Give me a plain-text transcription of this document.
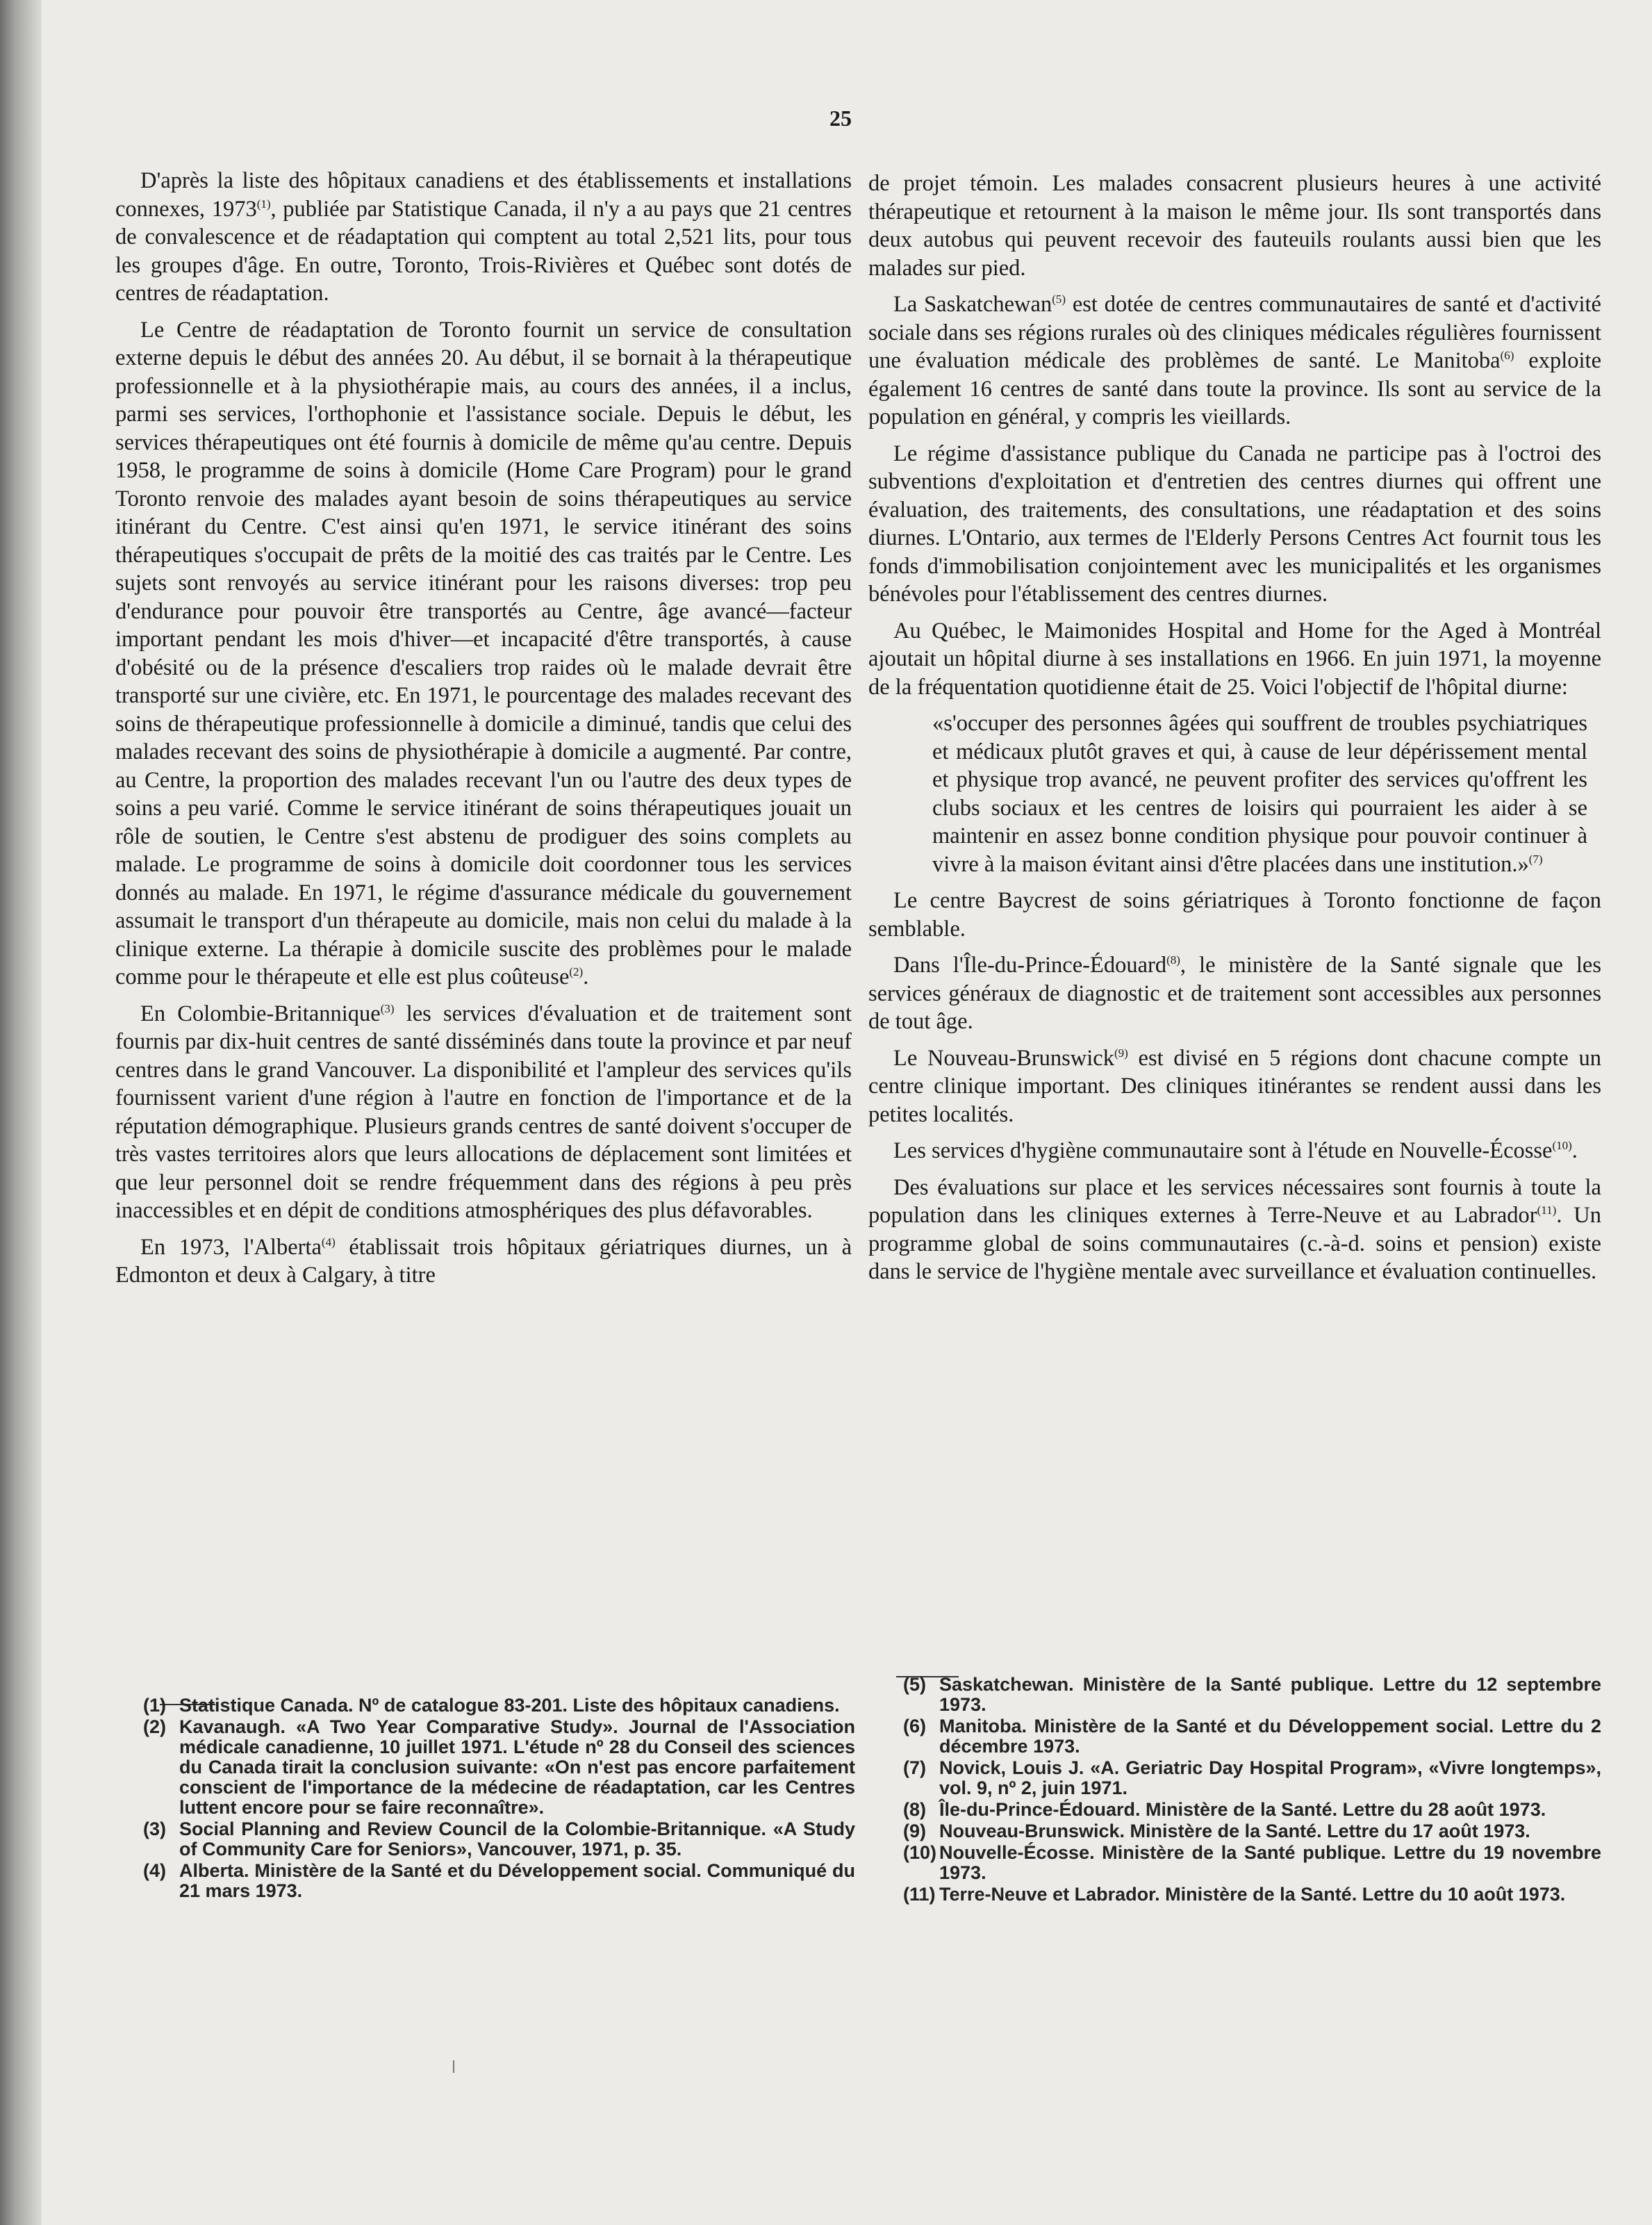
25

D'après la liste des hôpitaux canadiens et des établissements et installations connexes, 1973$^{(1)}$, publiée par Statistique Canada, il n'y a au pays que 21 centres de convalescence et de réadaptation qui comptent au total 2,521 lits, pour tous les groupes d'âge. En outre, Toronto, Trois-Rivières et Québec sont dotés de centres de réadaptation.

Le Centre de réadaptation de Toronto fournit un service de consultation externe depuis le début des années 20. Au début, il se bornait à la thérapeutique professionnelle et à la physiothérapie mais, au cours des années, il a inclus, parmi ses services, l'orthophonie et l'assistance sociale. Depuis le début, les services thérapeutiques ont été fournis à domicile de même qu'au centre. Depuis 1958, le programme de soins à domicile (Home Care Program) pour le grand Toronto renvoie des malades ayant besoin de soins thérapeutiques au service itinérant du Centre. C'est ainsi qu'en 1971, le service itinérant des soins thérapeutiques s'occupait de prêts de la moitié des cas traités par le Centre. Les sujets sont renvoyés au service itinérant pour les raisons diverses: trop peu d'endurance pour pouvoir être transportés au Centre, âge avancé—facteur important pendant les mois d'hiver—et incapacité d'être transportés, à cause d'obésité ou de la présence d'escaliers trop raides où le malade devrait être transporté sur une civière, etc. En 1971, le pourcentage des malades recevant des soins de thérapeutique professionnelle à domicile a diminué, tandis que celui des malades recevant des soins de physiothérapie à domicile a augmenté. Par contre, au Centre, la proportion des malades recevant l'un ou l'autre des deux types de soins a peu varié. Comme le service itinérant de soins thérapeutiques jouait un rôle de soutien, le Centre s'est abstenu de prodiguer des soins complets au malade. Le programme de soins à domicile doit coordonner tous les services donnés au malade. En 1971, le régime d'assurance médicale du gouvernement assumait le transport d'un thérapeute au domicile, mais non celui du malade à la clinique externe. La thérapie à domicile suscite des problèmes pour le malade comme pour le thérapeute et elle est plus coûteuse$^{(2)}$.

En Colombie-Britannique$^{(3)}$ les services d'évaluation et de traitement sont fournis par dix-huit centres de santé disséminés dans toute la province et par neuf centres dans le grand Vancouver. La disponibilité et l'ampleur des services qu'ils fournissent varient d'une région à l'autre en fonction de l'importance et de la réputation démographique. Plusieurs grands centres de santé doivent s'occuper de très vastes territoires alors que leurs allocations de déplacement sont limitées et que leur personnel doit se rendre fréquemment dans des régions à peu près inaccessibles et en dépit de conditions atmosphériques des plus défavorables.

En 1973, l'Alberta$^{(4)}$ établissait trois hôpitaux gériatriques diurnes, un à Edmonton et deux à Calgary, à titre

de projet témoin. Les malades consacrent plusieurs heures à une activité thérapeutique et retournent à la maison le même jour. Ils sont transportés dans deux autobus qui peuvent recevoir des fauteuils roulants aussi bien que les malades sur pied.

La Saskatchewan$^{(5)}$ est dotée de centres communautaires de santé et d'activité sociale dans ses régions rurales où des cliniques médicales régulières fournissent une évaluation médicale des problèmes de santé. Le Manitoba$^{(6)}$ exploite également 16 centres de santé dans toute la province. Ils sont au service de la population en général, y compris les vieillards.

Le régime d'assistance publique du Canada ne participe pas à l'octroi des subventions d'exploitation et d'entretien des centres diurnes qui offrent une évaluation, des traitements, des consultations, une réadaptation et des soins diurnes. L'Ontario, aux termes de l'Elderly Persons Centres Act fournit tous les fonds d'immobilisation conjointement avec les municipalités et les organismes bénévoles pour l'établissement des centres diurnes.

Au Québec, le Maimonides Hospital and Home for the Aged à Montréal ajoutait un hôpital diurne à ses installations en 1966. En juin 1971, la moyenne de la fréquentation quotidienne était de 25. Voici l'objectif de l'hôpital diurne:

«s'occuper des personnes âgées qui souffrent de troubles psychiatriques et médicaux plutôt graves et qui, à cause de leur dépérissement mental et physique trop avancé, ne peuvent profiter des services qu'offrent les clubs sociaux et les centres de loisirs qui pourraient les aider à se maintenir en assez bonne condition physique pour pouvoir continuer à vivre à la maison évitant ainsi d'être placées dans une institution.»$^{(7)}$

Le centre Baycrest de soins gériatriques à Toronto fonctionne de façon semblable.

Dans l'Île-du-Prince-Édouard$^{(8)}$, le ministère de la Santé signale que les services généraux de diagnostic et de traitement sont accessibles aux personnes de tout âge.

Le Nouveau-Brunswick$^{(9)}$ est divisé en 5 régions dont chacune compte un centre clinique important. Des cliniques itinérantes se rendent aussi dans les petites localités.

Les services d'hygiène communautaire sont à l'étude en Nouvelle-Écosse$^{(10)}$.

Des évaluations sur place et les services nécessaires sont fournis à toute la population dans les cliniques externes à Terre-Neuve et au Labrador$^{(11)}$. Un programme global de soins communautaires (c.-à-d. soins et pension) existe dans le service de l'hygiène mentale avec surveillance et évaluation continuelles.

(1) Statistique Canada. Nº de catalogue 83-201. Liste des hôpitaux canadiens.
(2) Kavanaugh. «A Two Year Comparative Study». Journal de l'Association médicale canadienne, 10 juillet 1971. L'étude nº 28 du Conseil des sciences du Canada tirait la conclusion suivante: «On n'est pas encore parfaitement conscient de l'importance de la médecine de réadaptation, car les Centres luttent encore pour se faire reconnaître».
(3) Social Planning and Review Council de la Colombie-Britannique. «A Study of Community Care for Seniors», Vancouver, 1971, p. 35.
(4) Alberta. Ministère de la Santé et du Développement social. Communiqué du 21 mars 1973.
(5) Saskatchewan. Ministère de la Santé publique. Lettre du 12 septembre 1973.
(6) Manitoba. Ministère de la Santé et du Développement social. Lettre du 2 décembre 1973.
(7) Novick, Louis J. «A. Geriatric Day Hospital Program», «Vivre longtemps», vol. 9, nº 2, juin 1971.
(8) Île-du-Prince-Édouard. Ministère de la Santé. Lettre du 28 août 1973.
(9) Nouveau-Brunswick. Ministère de la Santé. Lettre du 17 août 1973.
(10) Nouvelle-Écosse. Ministère de la Santé publique. Lettre du 19 novembre 1973.
(11) Terre-Neuve et Labrador. Ministère de la Santé. Lettre du 10 août 1973.
